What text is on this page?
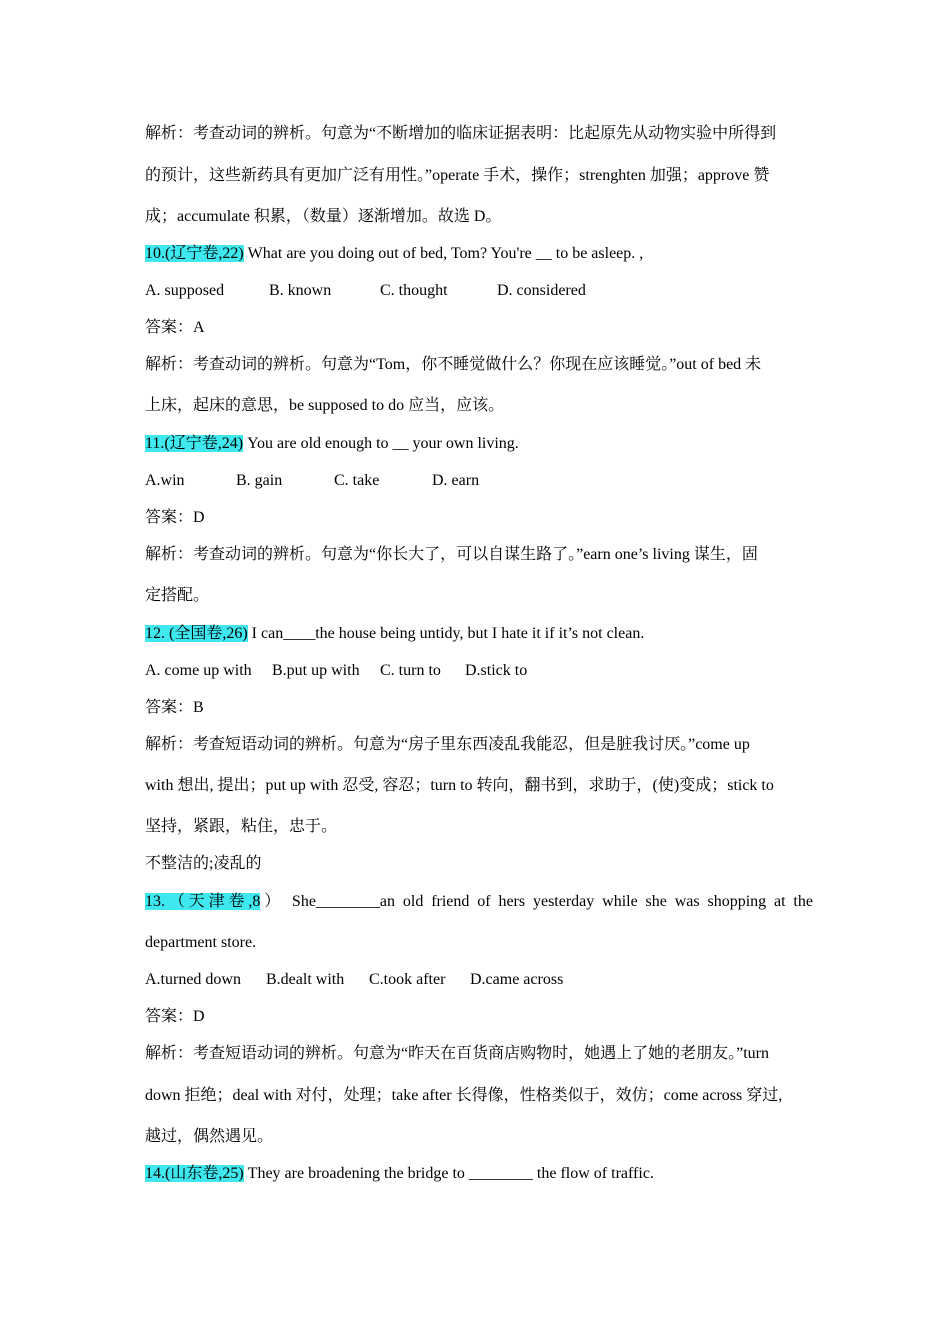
解析：考查动词的辨析。句意为“不断增加的临床证据表明：比起原先从动物实验中所得到
的预计，这些新药具有更加广泛有用性。”operate 手术，操作；strenghten 加强；approve 赞
成；accumulate 积累，（数量）逐渐增加。故选 D。
10.(辽宁卷,22) What are you doing out of bed, Tom? You're __ to be asleep. ,
A. supposed	B. known	C. thought	D. considered
答案：A
解析：考查动词的辨析。句意为“Tom，你不睡觉做什么？你现在应该睡觉。”out of bed 未
上床，起床的意思，be supposed to do 应当，应该。
11.(辽宁卷,24) You are old enough to __ your own living.
A.win	B. gain	C. take	D. earn
答案：D
解析：考查动词的辨析。句意为“你长大了，可以自谋生路了。”earn one’s living 谋生，固
定搭配。
12. (全国卷,26) I can____the house being untidy, but I hate it if it’s not clean.
A. come up with B.put up with C. turn to D.stick to
答案：B
解析：考查短语动词的辨析。句意为“房子里东西凌乱我能忍，但是脏我讨厌。”come up
with 想出, 提出；put up with 忍受, 容忍；turn to 转向，翻书到，求助于，(使)变成；stick to
坚持，紧跟，粘住，忠于。
不整洁的;凌乱的
13.（天津卷,8） She________an old friend of hers yesterday while she was shopping at the
department store.
A.turned down B.dealt with C.took after D.came across
答案：D
解析：考查短语动词的辨析。句意为“昨天在百货商店购物时，她遇上了她的老朋友。”turn
down 拒绝；deal with 对付，处理；take after 长得像，性格类似于，效仿；come across 穿过,
越过，偶然遇见。
14.(山东卷,25) They are broadening the bridge to ________ the flow of traffic.
